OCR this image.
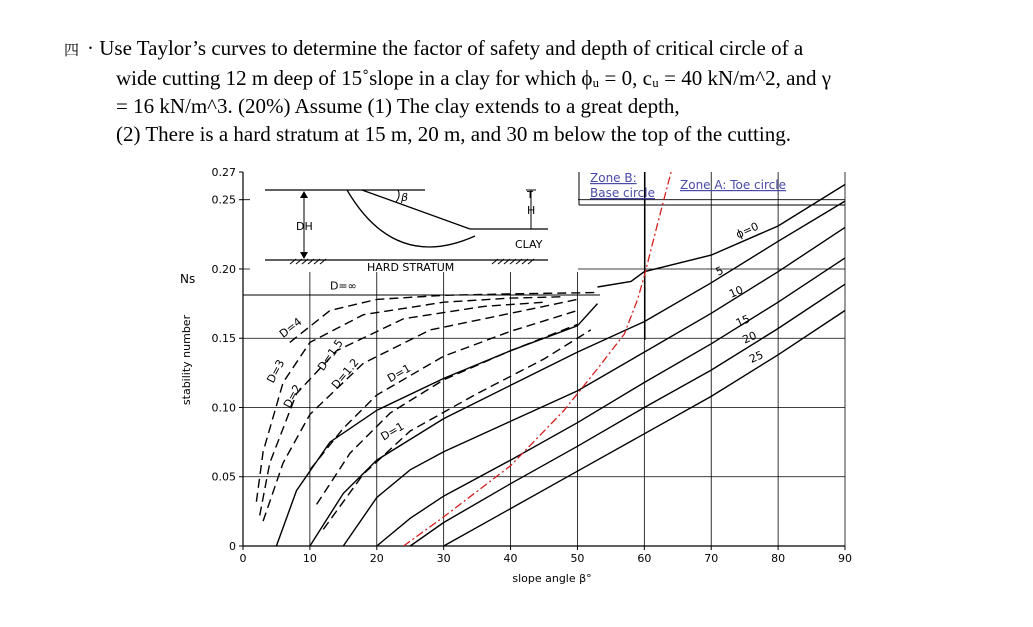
四 · Use Taylor’s curves to determine the factor of safety and depth of critical circle of a
wide cutting 12 m deep of 15˚slope in a clay for which ϕᵤ = 0, cᵤ = 40 kN/m^2, and γ
= 16 kN/m^3. (20%) Assume (1) The clay extends to a great depth,
(2) There is a hard stratum at 15 m, 20 m, and 30 m below the top of the cutting.
0	10	20	30	40	50	60	70	80	90
0
0.05
0.10
0.15
0.20
0.25
0.27	Zone B:
Base circle
Zone A: Toe circle
DH
T
H
β
CLAY
HARD STRATUM
ϕ=0
5
10
15
20
25
D=∞
D=4
D=3
D=2
D=1.5
D=1.2 D=1
D=1
slope angle β°
stability number
Ns
